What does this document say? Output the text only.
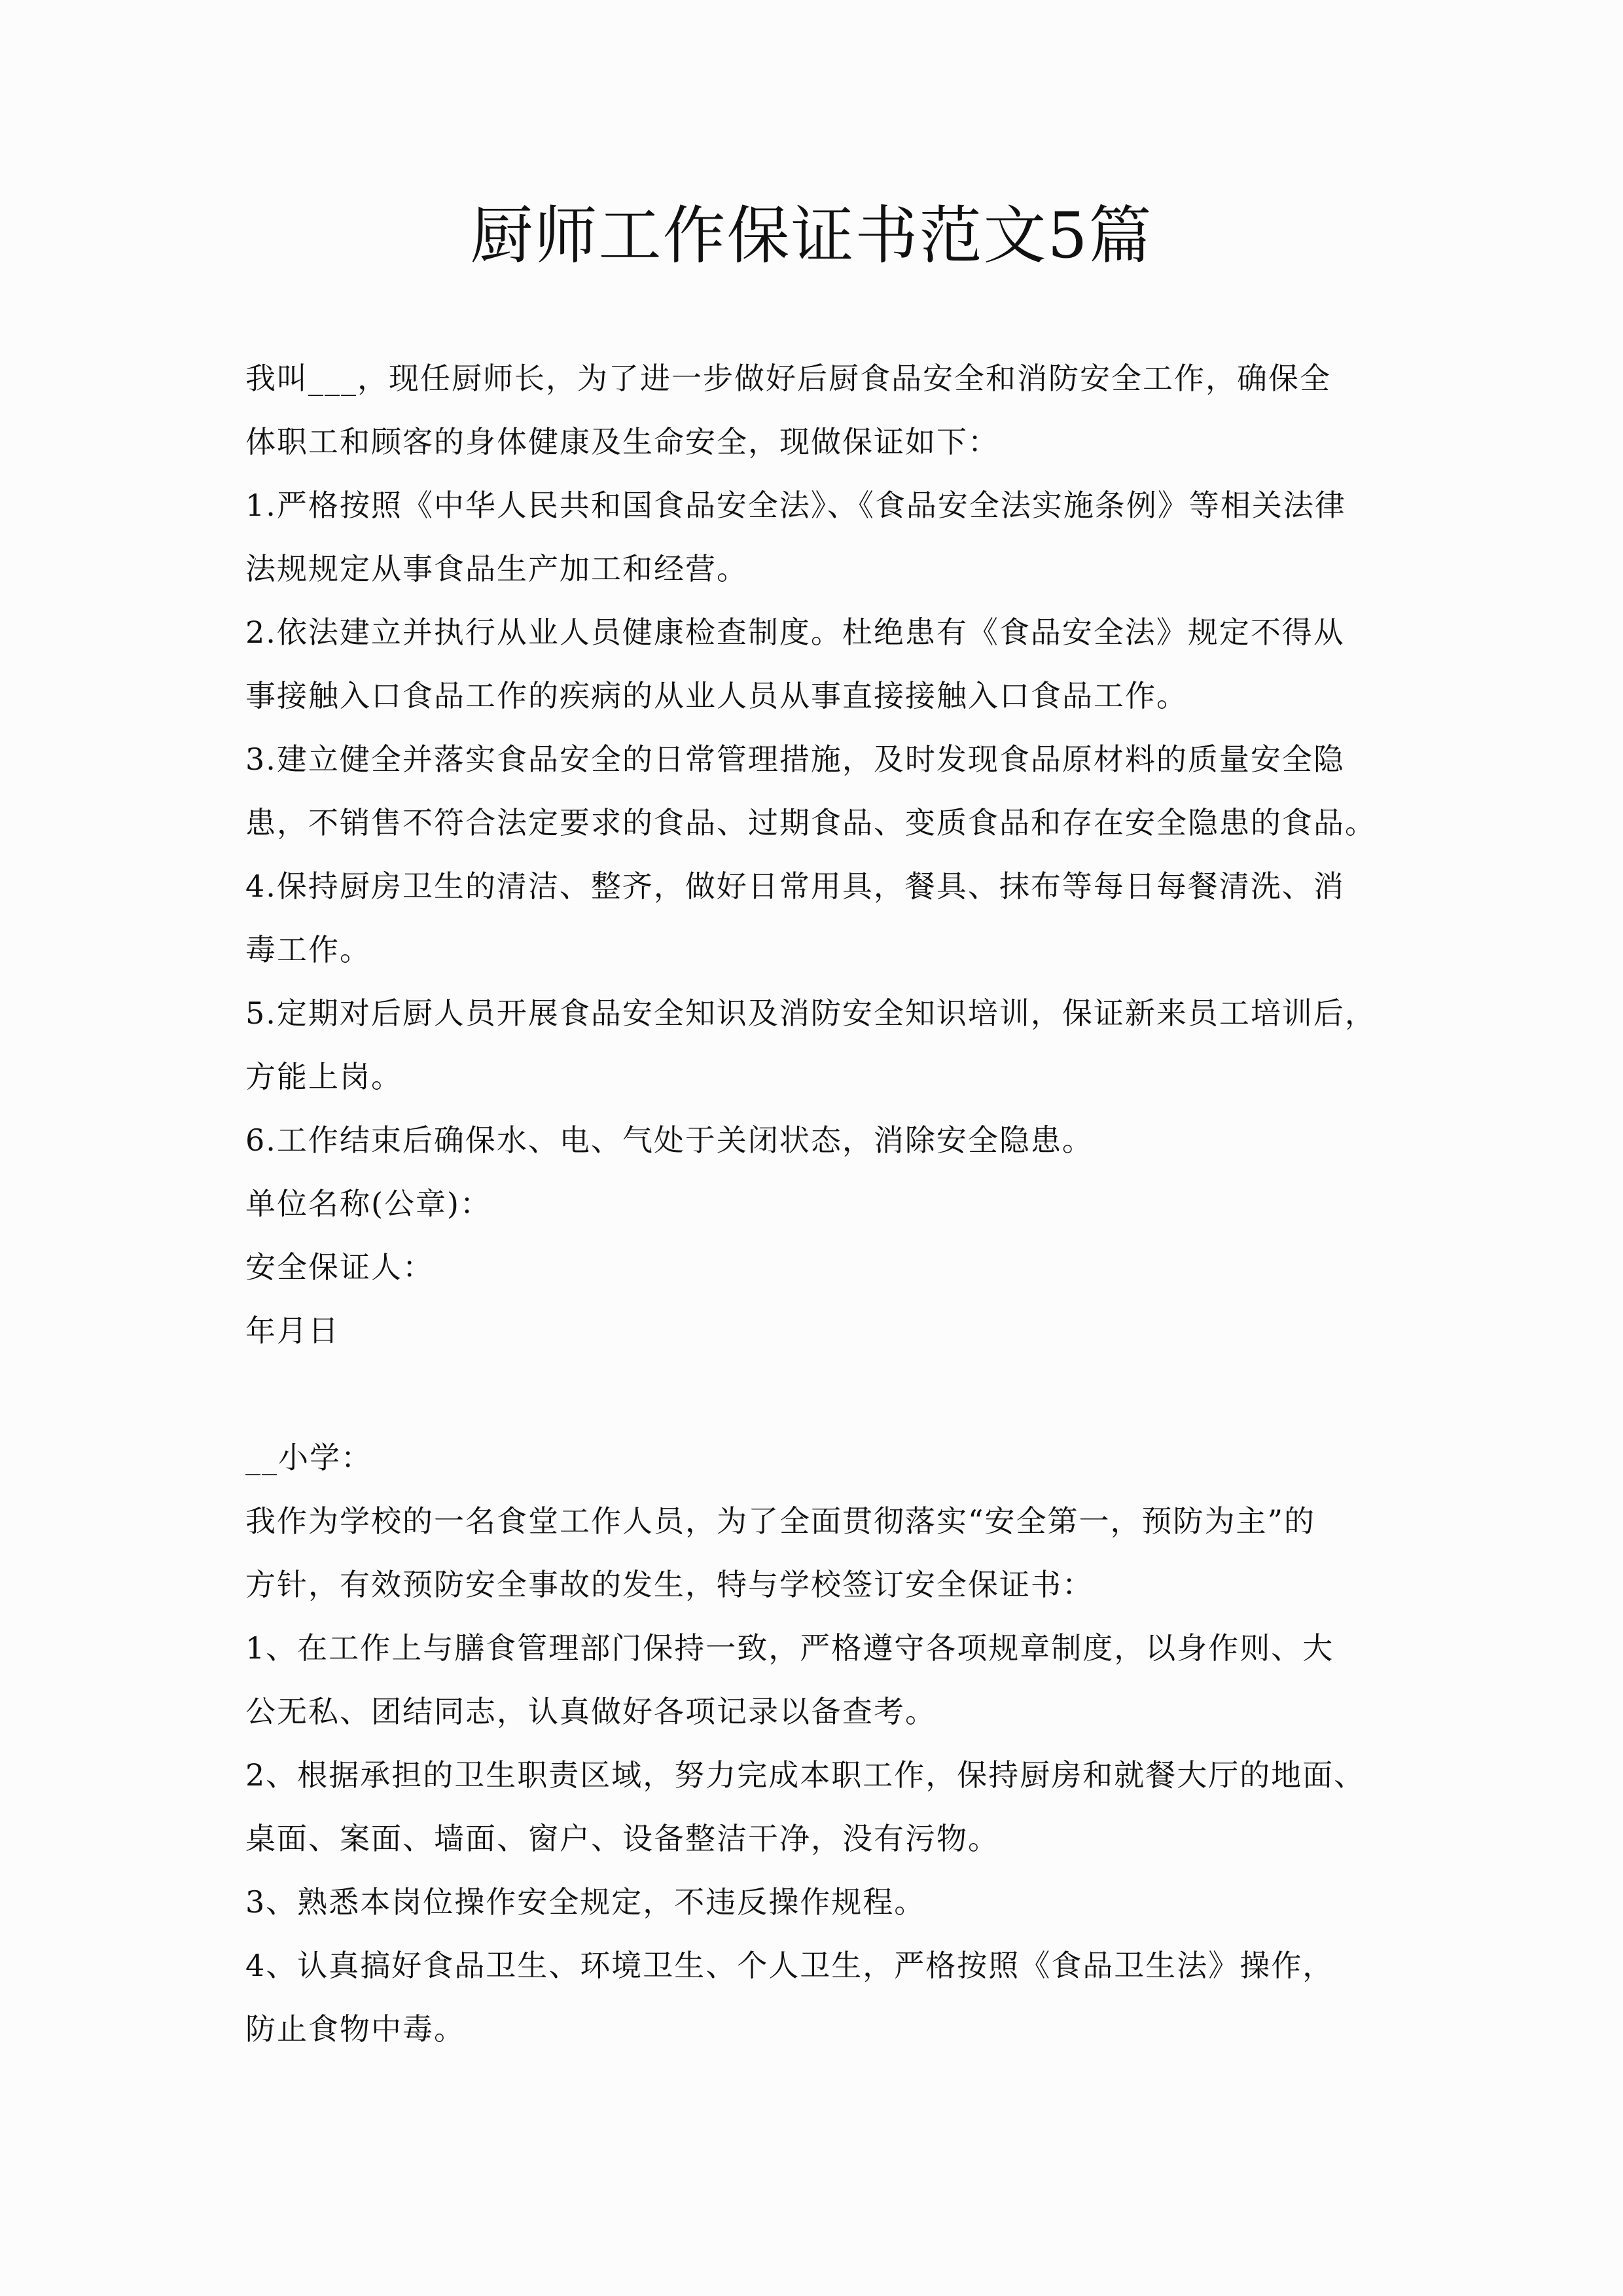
厨师工作保证书范文5篇
我叫___，现任厨师长，为了进一步做好后厨食品安全和消防安全工作，确保全
体职工和顾客的身体健康及生命安全，现做保证如下：
1.严格按照《中华人民共和国食品安全法》、《食品安全法实施条例》等相关法律
法规规定从事食品生产加工和经营。
2.依法建立并执行从业人员健康检查制度。杜绝患有《食品安全法》规定不得从
事接触入口食品工作的疾病的从业人员从事直接接触入口食品工作。
3.建立健全并落实食品安全的日常管理措施，及时发现食品原材料的质量安全隐
患，不销售不符合法定要求的食品、过期食品、变质食品和存在安全隐患的食品。
4.保持厨房卫生的清洁、整齐，做好日常用具，餐具、抹布等每日每餐清洗、消
毒工作。
5.定期对后厨人员开展食品安全知识及消防安全知识培训，保证新来员工培训后，
方能上岗。
6.工作结束后确保水、电、气处于关闭状态，消除安全隐患。
单位名称(公章)：
安全保证人：
年月日
__小学：
我作为学校的一名食堂工作人员，为了全面贯彻落实“安全第一，预防为主”的
方针，有效预防安全事故的发生，特与学校签订安全保证书：
1、在工作上与膳食管理部门保持一致，严格遵守各项规章制度，以身作则、大
公无私、团结同志，认真做好各项记录以备查考。
2、根据承担的卫生职责区域，努力完成本职工作，保持厨房和就餐大厅的地面、
桌面、案面、墙面、窗户、设备整洁干净，没有污物。
3、熟悉本岗位操作安全规定，不违反操作规程。
4、认真搞好食品卫生、环境卫生、个人卫生，严格按照《食品卫生法》操作，
防止食物中毒。
